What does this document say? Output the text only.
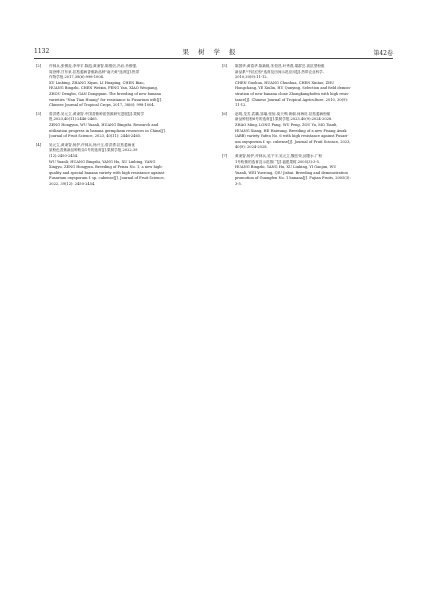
1132	果树学报	第42卷
[2] 许林兵,张锡炎,李华平,陈彪,黄秉智,陈维信,冯岩,肖维强,
周登博,甘东泉.抗枯萎病香蕉新品种"南天黄"选育[J].热带
作物学报,2017,38(6):998-1004.
XU Linbing, ZHANG Xiyan, LI Huaping, CHEN Biao,
HUANG Bingzhi, CHEN Weixin, FENG Yan, XIAO Weiqiang,
ZHOU Dengbo, GAN Dongquan. The breeding of new banana
varieties "Nan Tian Huang" for resistance to Fusarium wilt[J].
Chinese Journal of Tropical Crops, 2017, 38(6): 998-1004.
[3] 曾洪勇,吴元立,黄秉智.中国香蕉种质资源研究进展[J].果树学
报,2023,40(11):2446-2465.
ZENG Hongyun, WU Yuanli, HUANG Bingzhi. Research and
utilization progress in banana germplasm resources in China[J].
Journal of Fruit Science, 2023, 40(11): 2446-2465.
[4] 吴元立,黄秉智,杨护,许林兵,杨兴玉,曾洪勇.抗枯萎病优
质粉色香蕉新品种粉杂1号的选育[J].果树学报,2022,39
(12):2450-2454.
WU Yuanli, HUANG Bingzhi, YANG Hu, XU Linbing, YANG
Xingyu, ZENG Hongyun. Breeding of Fenza No. 1, a new high-
quality and special banana variety with high resistance against
Fusarium oxysporum f. sp. cubense[J]. Journal of Fruit Science,
2022, 39(12): 2450-2454.
[5] 陈国华,黄春华,陈新桃,朱恒昌,叶秀燕,胡群芸.高抗型粉蕉
新品系"中抗红粉"选育及田间示范应用[J].热带农业科学,
2010,30(9):11-12.
CHEN Guohua, HUANG Chunhua, CHEN Xintao, ZHU
Hongchang, YE Xiulin, HU Qunying. Selection and field demon-
stration of new banana clone Zhongkanghofen with high resis-
tance[J]. Chinese Journal of Tropical Agriculture, 2010, 30(9):
11-12.
[6] 赵明,龙芳,武鹏,邹瑜,张怡,莫天利,黄朝,何海旺.抗枯萎病粉蕉
新品种桂粉6号的选育[J].果树学报,2023,40(9):2024-2028.
ZHAO Ming, LONG Fang, WU Peng, ZOU Yu, MO Tianli,
HUANG Xiang, HE Haiwang. Breeding of a new Pisang Awak
(ABB) variety Yufen No. 6 with high resistance against Fusari-
um oxysporum f. sp. cubense[J]. Journal of Fruit Science, 2023,
40(9): 2024-2028.
[7] 黄秉智,杨护,许林兵,吴干宇,吴元立,魏岳荣,邱继水.广粉
1号粉蕉的选育及示范推广[J].福建果树,2005(3):3-5.
HUANG Bingzhi, YANG Hu, XU Linbing, YI Ganjun, WU
Yuanli, WEI Yuerong, QIU Jishui. Breeding and demonstration
promotion of Guangfen No. 1 banana[J]. Fujian Fruits, 2005(3):
3-5.
